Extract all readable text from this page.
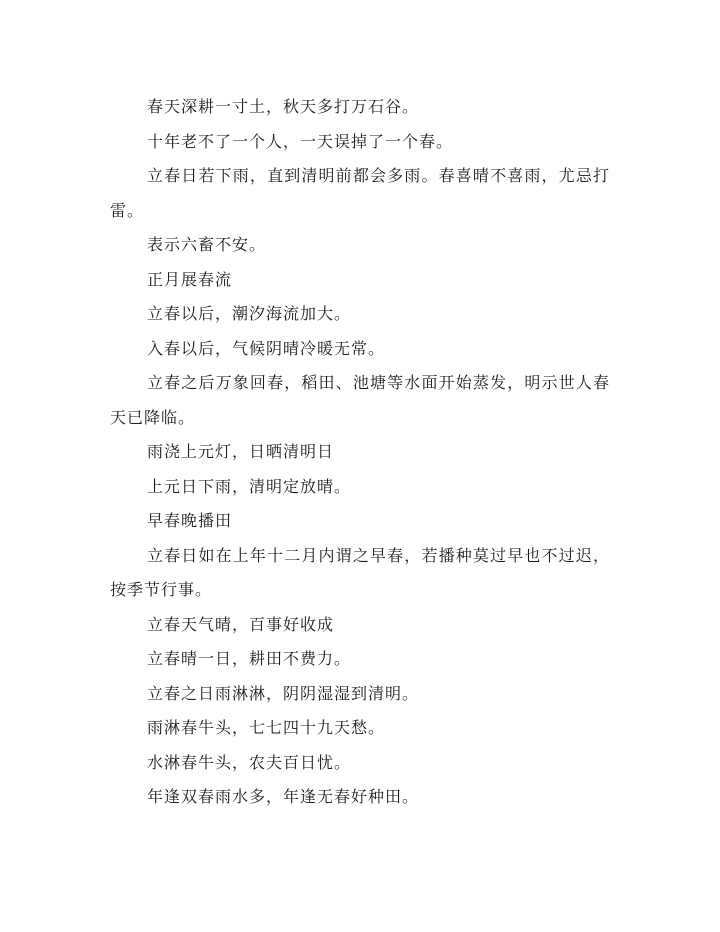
春天深耕一寸土，秋天多打万石谷。

十年老不了一个人，一天误掉了一个春。

立春日若下雨，直到清明前都会多雨。春喜晴不喜雨，尤忌打雷。

表示六畜不安。

正月展春流

立春以后，潮汐海流加大。

入春以后，气候阴晴冷暖无常。

立春之后万象回春，稻田、池塘等水面开始蒸发，明示世人春天已降临。

雨浇上元灯，日晒清明日

上元日下雨，清明定放晴。

早春晚播田

立春日如在上年十二月内谓之早春，若播种莫过早也不过迟，按季节行事。

立春天气晴，百事好收成

立春晴一日，耕田不费力。

立春之日雨淋淋，阴阴湿湿到清明。

雨淋春牛头，七七四十九天愁。

水淋春牛头，农夫百日忧。

年逢双春雨水多，年逢无春好种田。
